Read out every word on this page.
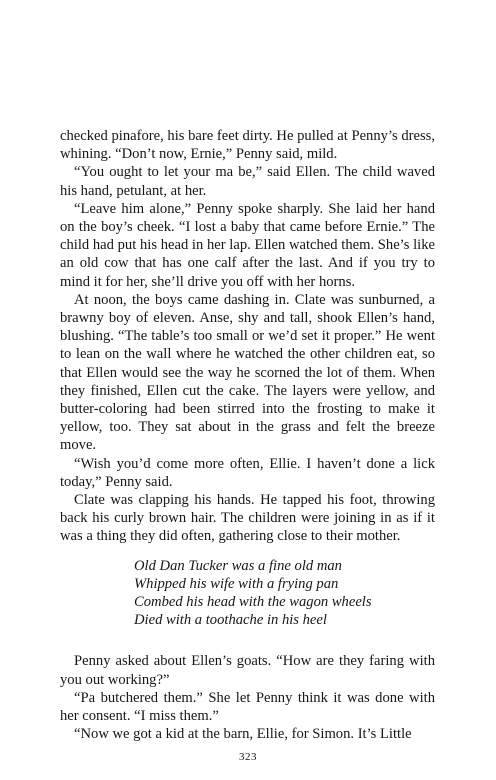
checked pinafore, his bare feet dirty. He pulled at Penny’s dress, whining. “Don’t now, Ernie,” Penny said, mild.

“You ought to let your ma be,” said Ellen. The child waved his hand, petulant, at her.

“Leave him alone,” Penny spoke sharply. She laid her hand on the boy’s cheek. “I lost a baby that came before Ernie.” The child had put his head in her lap. Ellen watched them. She’s like an old cow that has one calf after the last. And if you try to mind it for her, she’ll drive you off with her horns.

At noon, the boys came dashing in. Clate was sunburned, a brawny boy of eleven. Anse, shy and tall, shook Ellen’s hand, blushing. “The table’s too small or we’d set it proper.” He went to lean on the wall where he watched the other children eat, so that Ellen would see the way he scorned the lot of them. When they finished, Ellen cut the cake. The layers were yellow, and butter-coloring had been stirred into the frosting to make it yellow, too. They sat about in the grass and felt the breeze move.

“Wish you’d come more often, Ellie. I haven’t done a lick today,” Penny said.

Clate was clapping his hands. He tapped his foot, throwing back his curly brown hair. The children were joining in as if it was a thing they did often, gathering close to their mother.

Old Dan Tucker was a fine old man
Whipped his wife with a frying pan
Combed his head with the wagon wheels
Died with a toothache in his heel

Penny asked about Ellen’s goats. “How are they faring with you out working?”

“Pa butchered them.” She let Penny think it was done with her consent. “I miss them.”

“Now we got a kid at the barn, Ellie, for Simon. It’s Little

323
